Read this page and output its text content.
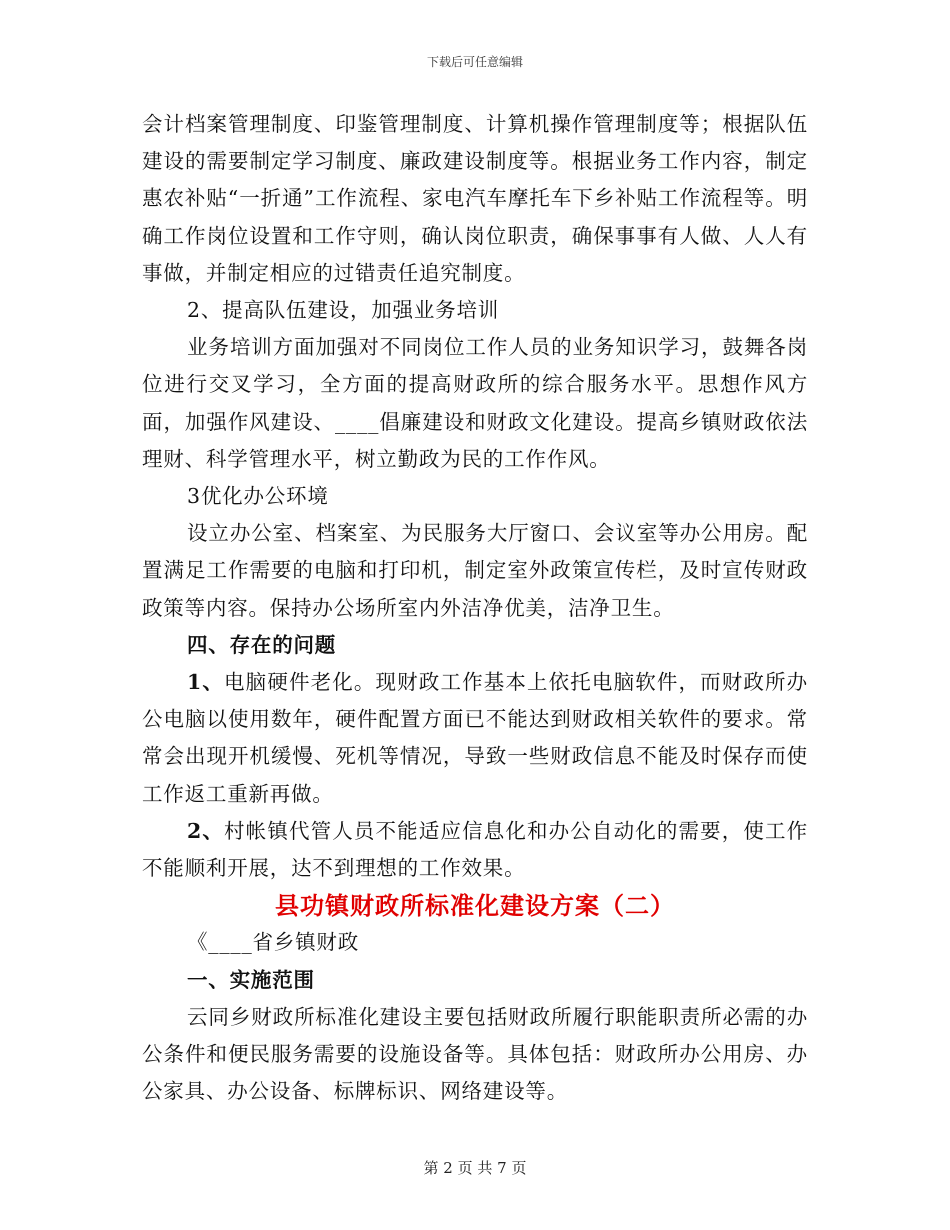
下载后可任意编辑

会计档案管理制度、印鉴管理制度、计算机操作管理制度等；根据队伍建设的需要制定学习制度、廉政建设制度等。根据业务工作内容，制定惠农补贴“一折通”工作流程、家电汽车摩托车下乡补贴工作流程等。明确工作岗位设置和工作守则，确认岗位职责，确保事事有人做、人人有事做，并制定相应的过错责任追究制度。

2、提高队伍建设，加强业务培训

业务培训方面加强对不同岗位工作人员的业务知识学习，鼓舞各岗位进行交叉学习，全方面的提高财政所的综合服务水平。思想作风方面，加强作风建设、____倡廉建设和财政文化建设。提高乡镇财政依法理财、科学管理水平，树立勤政为民的工作作风。

3优化办公环境

设立办公室、档案室、为民服务大厅窗口、会议室等办公用房。配置满足工作需要的电脑和打印机，制定室外政策宣传栏，及时宣传财政政策等内容。保持办公场所室内外洁净优美，洁净卫生。

四、存在的问题

1、电脑硬件老化。现财政工作基本上依托电脑软件，而财政所办公电脑以使用数年，硬件配置方面已不能达到财政相关软件的要求。常常会出现开机缓慢、死机等情况，导致一些财政信息不能及时保存而使工作返工重新再做。

2、村帐镇代管人员不能适应信息化和办公自动化的需要，使工作不能顺利开展，达不到理想的工作效果。

县功镇财政所标准化建设方案（二）

《____省乡镇财政

一、实施范围

云同乡财政所标准化建设主要包括财政所履行职能职责所必需的办公条件和便民服务需要的设施设备等。具体包括：财政所办公用房、办公家具、办公设备、标牌标识、网络建设等。

第 2 页 共 7 页
